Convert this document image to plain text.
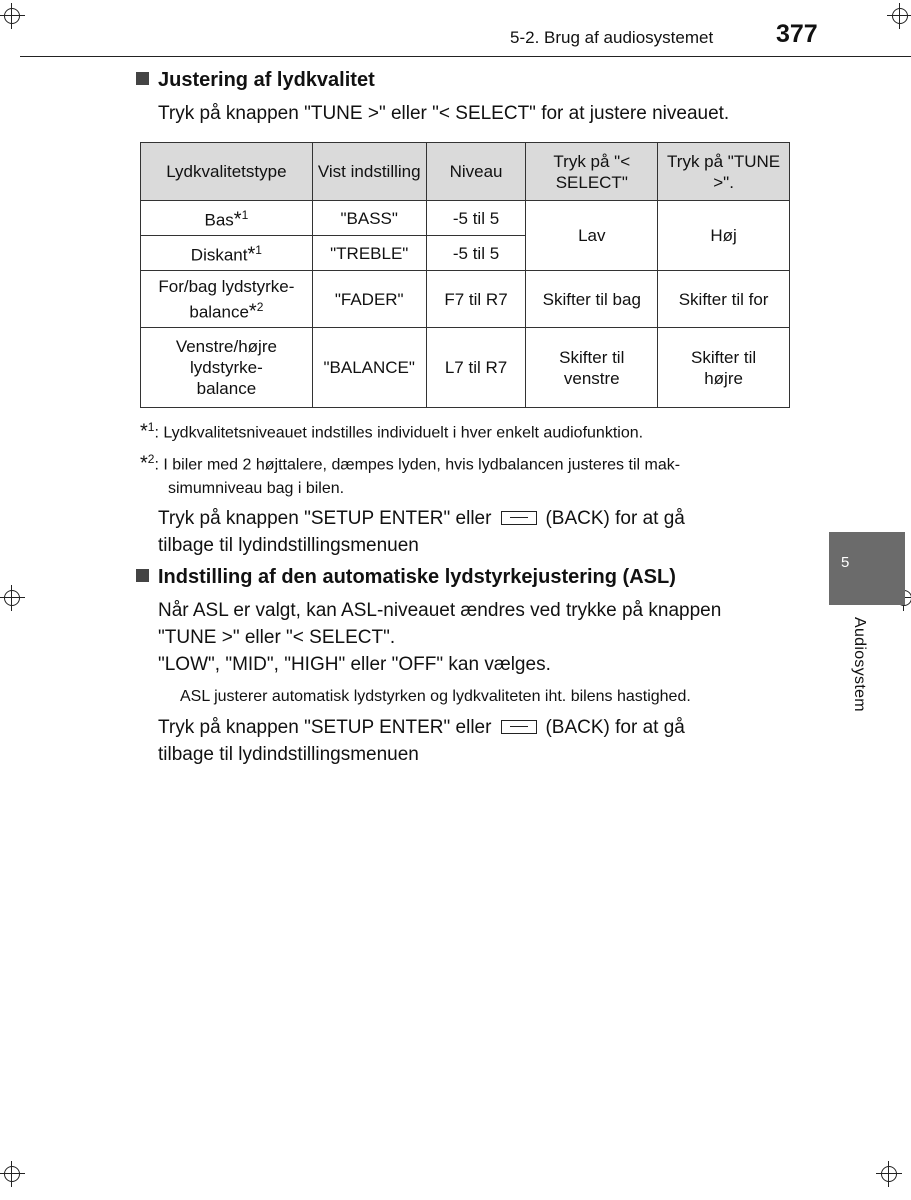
5-2. Brug af audiosystemet	377
5
Audiosystem
Justering af lydkvalitet
Tryk på knappen "TUNE >" eller "< SELECT" for at justere niveauet.
Lydkvalitetstype	Vist indstilling	Niveau	Tryk på "< SELECT"	Tryk på "TUNE >".
Bas*$^1$	"BASS"	-5 til 5	Lav	Høj
Diskant*$^1$	"TREBLE"	-5 til 5		
For/bag lydstyrke-balance*$^2$	"FADER"	F7 til R7	Skifter til bag	Skifter til for
Venstre/højre lydstyrke-balance	"BALANCE"	L7 til R7	Skifter til venstre	Skifter til højre
*$^1$: Lydkvalitetsniveauet indstilles individuelt i hver enkelt audiofunktion.
*$^2$: I biler med 2 højttalere, dæmpes lyden, hvis lydbalancen justeres til mak-
simumniveau bag i bilen.
Tryk på knappen "SETUP ENTER" eller	(BACK) for at gå
tilbage til lydindstillingsmenuen
Indstilling af den automatiske lydstyrkejustering (ASL)
Når ASL er valgt, kan ASL-niveauet ændres ved trykke på knappen
"TUNE >" eller "< SELECT".
"LOW", "MID", "HIGH" eller "OFF" kan vælges.
ASL justerer automatisk lydstyrken og lydkvaliteten iht. bilens hastighed.
Tryk på knappen "SETUP ENTER" eller	(BACK) for at gå
tilbage til lydindstillingsmenuen
